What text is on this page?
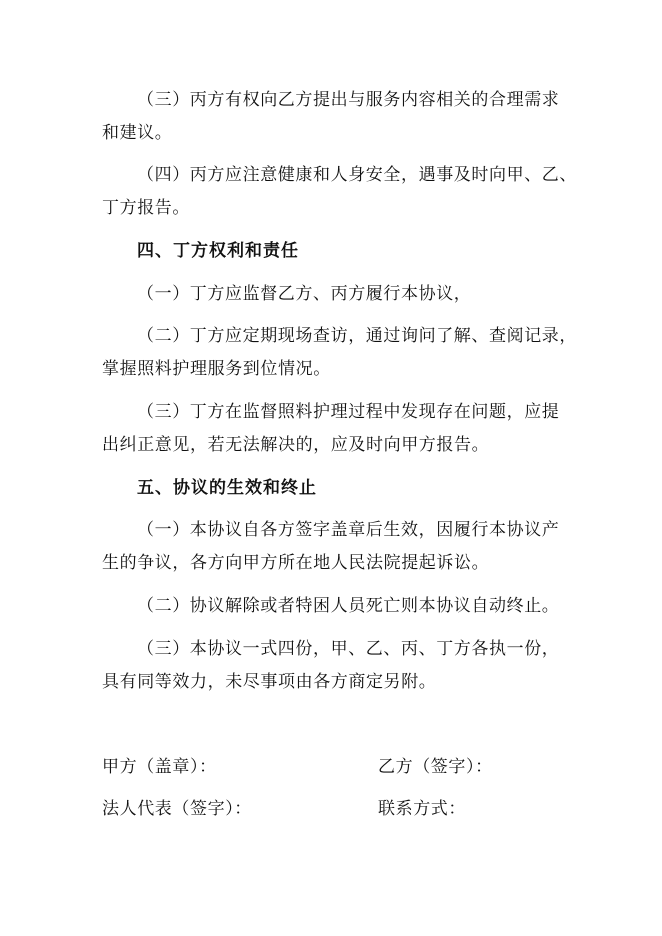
（三）丙方有权向乙方提出与服务内容相关的合理需求
和建议。
（四）丙方应注意健康和人身安全，遇事及时向甲、乙、
丁方报告。
四、丁方权利和责任
（一）丁方应监督乙方、丙方履行本协议，
（二）丁方应定期现场查访，通过询问了解、查阅记录，
掌握照料护理服务到位情况。
（三）丁方在监督照料护理过程中发现存在问题，应提
出纠正意见，若无法解决的，应及时向甲方报告。
五、协议的生效和终止
（一）本协议自各方签字盖章后生效，因履行本协议产
生的争议，各方向甲方所在地人民法院提起诉讼。
（二）协议解除或者特困人员死亡则本协议自动终止。
（三）本协议一式四份，甲、乙、丙、丁方各执一份，
具有同等效力，未尽事项由各方商定另附。
甲方（盖章）：	乙方（签字）：
法人代表（签字）：	联系方式：
